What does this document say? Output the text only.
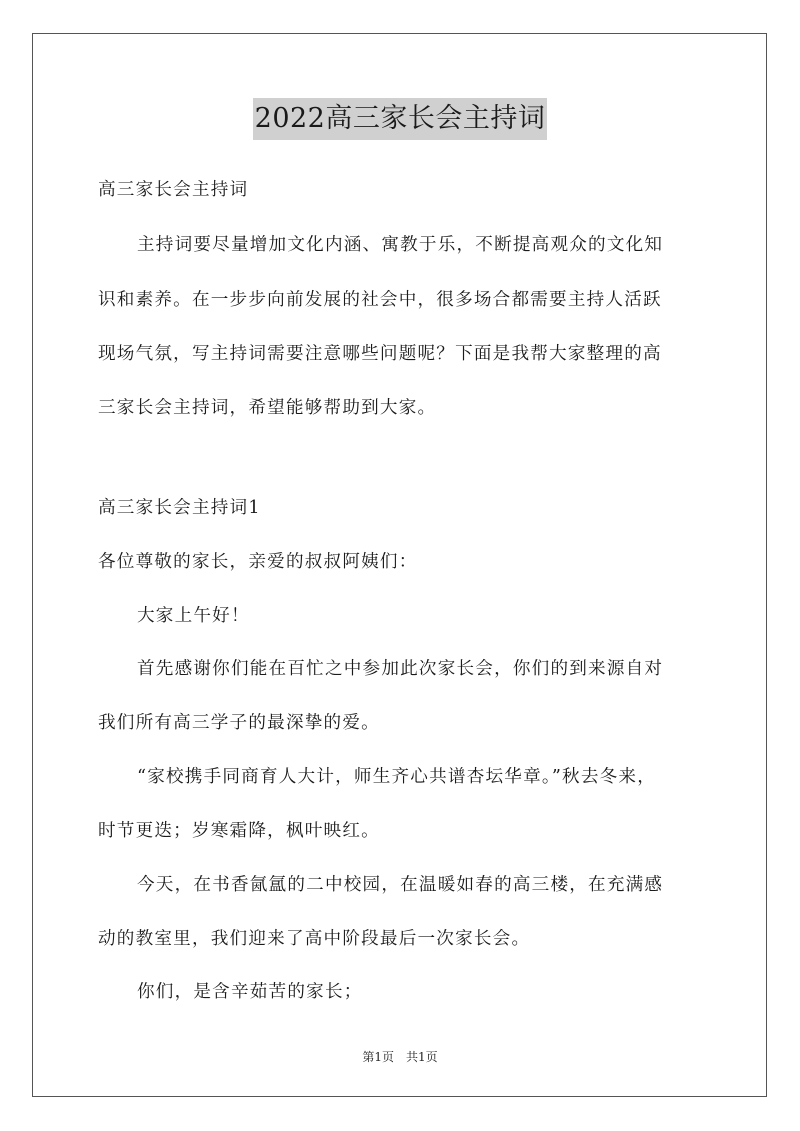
2022高三家长会主持词
高三家长会主持词
主持词要尽量增加文化内涵、寓教于乐，不断提高观众的文化知
识和素养。在一步步向前发展的社会中，很多场合都需要主持人活跃
现场气氛，写主持词需要注意哪些问题呢？下面是我帮大家整理的高
三家长会主持词，希望能够帮助到大家。
高三家长会主持词1
各位尊敬的家长，亲爱的叔叔阿姨们：
大家上午好！
首先感谢你们能在百忙之中参加此次家长会，你们的到来源自对
我们所有高三学子的最深挚的爱。
“家校携手同商育人大计，师生齐心共谱杏坛华章。”秋去冬来，
时节更迭；岁寒霜降，枫叶映红。
今天，在书香氤氲的二中校园，在温暖如春的高三楼，在充满感
动的教室里，我们迎来了高中阶段最后一次家长会。
你们，是含辛茹苦的家长；
第1页　共1页
